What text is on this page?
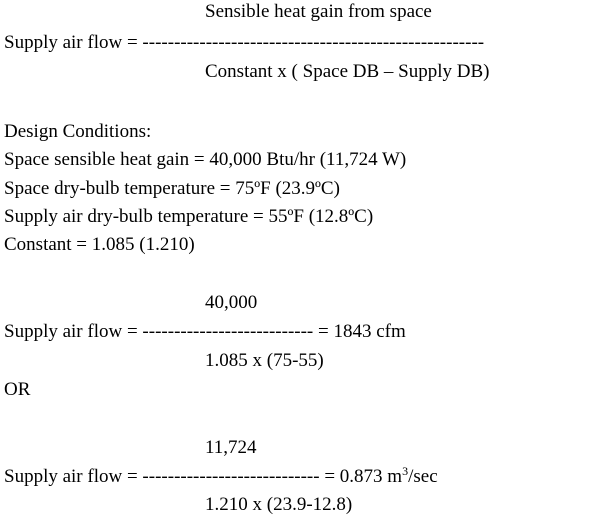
Sensible heat gain from space
Supply air flow = ------------------------------------------------------
Constant x ( Space DB – Supply DB)
Design Conditions:
Space sensible heat gain = 40,000 Btu/hr (11,724 W)
Space dry-bulb temperature = 75ºF (23.9ºC)
Supply air dry-bulb temperature = 55ºF (12.8ºC)
Constant = 1.085 (1.210)
40,000
Supply air flow = --------------------------- = 1843 cfm
1.085 x (75-55)
OR
11,724
Supply air flow = ---------------------------- = 0.873 $m^3/\sec$
1.210 x (23.9-12.8)
